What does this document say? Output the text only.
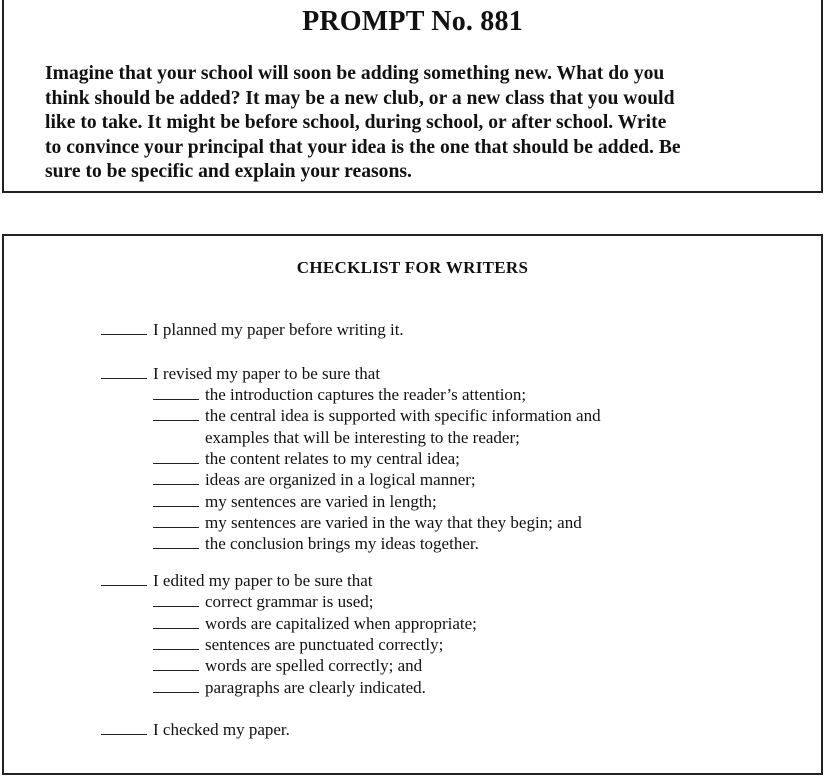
PROMPT No. 881
Imagine that your school will soon be adding something new. What do you
think should be added? It may be a new club, or a new class that you would
like to take. It might be before school, during school, or after school. Write
to convince your principal that your idea is the one that should be added. Be
sure to be specific and explain your reasons.
CHECKLIST FOR WRITERS
I planned my paper before writing it.
I revised my paper to be sure that
the introduction captures the reader’s attention;
the central idea is supported with specific information and
examples that will be interesting to the reader;
the content relates to my central idea;
ideas are organized in a logical manner;
my sentences are varied in length;
my sentences are varied in the way that they begin; and
the conclusion brings my ideas together.
I edited my paper to be sure that
correct grammar is used;
words are capitalized when appropriate;
sentences are punctuated correctly;
words are spelled correctly; and
paragraphs are clearly indicated.
I checked my paper.
